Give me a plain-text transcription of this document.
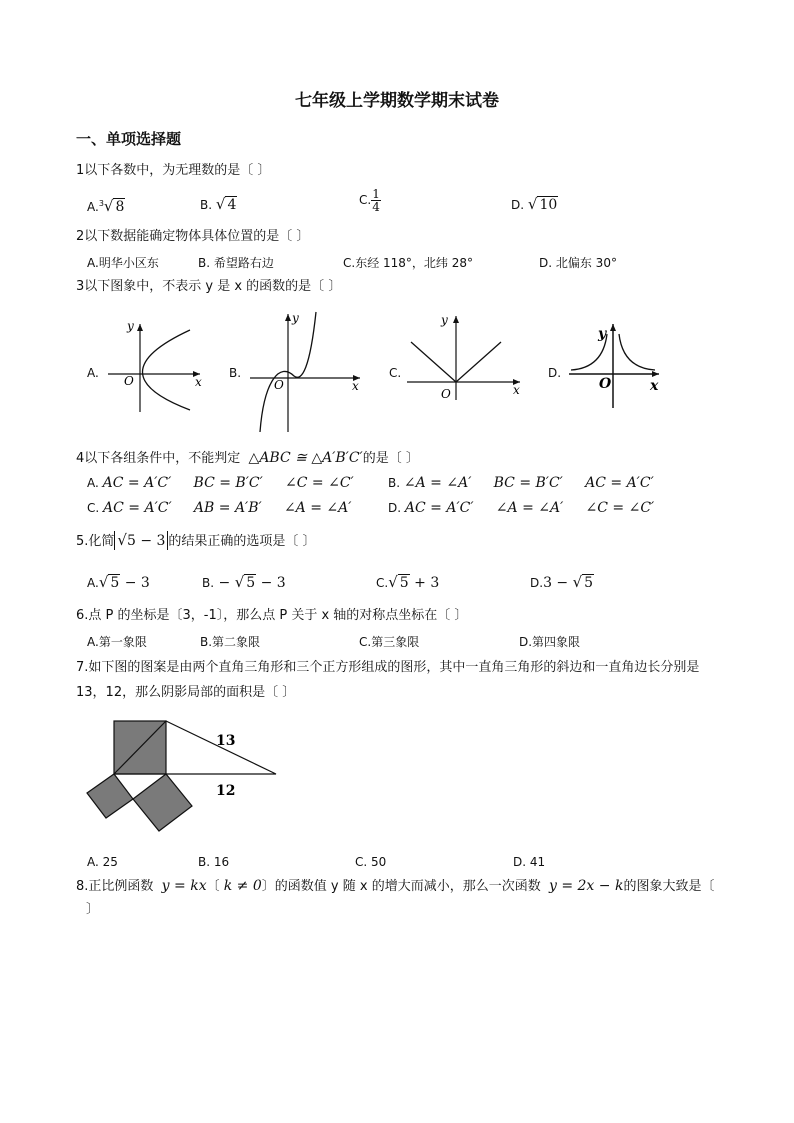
七年级上学期数学期末试卷
一、单项选择题
1以下各数中，为无理数的是〔 〕
A.$^3$√ 8	B. √ 4	C. $\frac{1}{4}$	D. √ 10
2以下数据能确定物体具体位置的是〔 〕
A.明华小区东	B. 希望路右边	C.东经 118°，北纬 28°	D. 北偏东 30°
3以下图象中，不表示 y 是 x 的函数的是〔 〕
A.	B.	C.	D.
x
y
O	x
y
O	x
y
O	x
y
O
4以下各组条件中，不能判定 △ABC ≅ △A′B′C′的是〔 〕
A. AC = A′C′     BC = B′C′     ∠C = ∠C′	B. ∠A = ∠A′     BC = B′C′     AC = A′C′
C. AC = A′C′     AB = A′B′     ∠A = ∠A′	D. AC = A′C′     ∠A = ∠A′     ∠C = ∠C′
5.化简 √5 − 3 的结果正确的选项是〔 〕
A.√ 5 − 3	B. − √ 5 − 3	C.√ 5 + 3	D.3 − √ 5
6.点 P 的坐标是〔3，-1〕，那么点 P 关于 x 轴的对称点坐标在〔 〕
A.第一象限	B.第二象限	C.第三象限	D.第四象限
7.如下图的图案是由两个直角三角形和三个正方形组成的图形，其中一直角三角形的斜边和一直角边长分别是 13，12，那么阴影局部的面积是〔 〕
13
12
A. 25	B. 16	C. 50	D. 41
8.正比例函数 y = kx〔 k ≠ 0〕的函数值 y 随 x 的增大而减小，那么一次函数 y = 2x − k的图象大致是〔
〕
